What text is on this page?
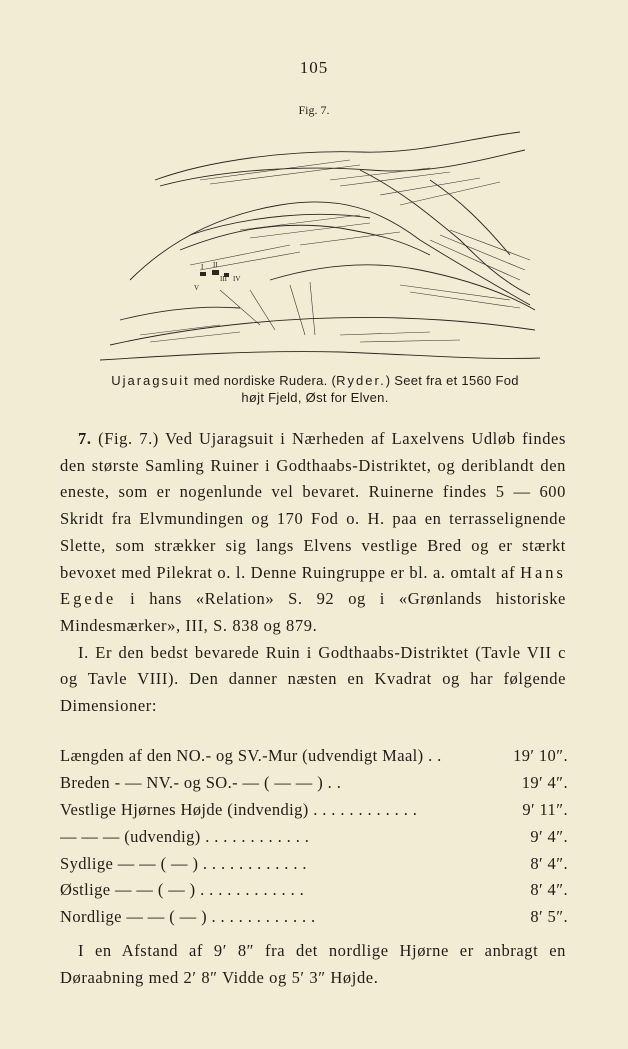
105
Fig. 7.
I II
III IV
V
Ujaragsuit med nordiske Rudera. (Ryder.) Seet fra et 1560 Fod
højt Fjeld, Øst for Elven.

7. (Fig. 7.) Ved Ujaragsuit i Nærheden af Laxelvens Udløb findes den største Samling Ruiner i Godthaabs-Distriktet, og deriblandt den eneste, som er nogenlunde vel bevaret. Ruinerne findes 5 — 600 Skridt fra Elvmundingen og 170 Fod o. H. paa en terrasselignende Slette, som strækker sig langs Elvens vestlige Bred og er stærkt bevoxet med Pilekrat o. l. Denne Ruingruppe er bl. a. omtalt af Hans Egede i hans «Relation» S. 92 og i «Grønlands historiske Mindesmærker», III, S. 838 og 879.

I. Er den bedst bevarede Ruin i Godthaabs-Distriktet (Tavle VII c og Tavle VIII). Den danner næsten en Kvadrat og har følgende Dimensioner:

Længden af den NO.- og SV.-Mur (udvendigt Maal) . .	19′ 10″.
Breden - — NV.- og SO.- — ( — — ) . .	19′ 4″.
Vestlige Hjørnes Højde (indvendig) . . . . . . . . . . . .	9′ 11″.
— — — (udvendig) . . . . . . . . . . . .	9′ 4″.
Sydlige — — ( — ) . . . . . . . . . . . .	8′ 4″.
Østlige — — ( — ) . . . . . . . . . . . .	8′ 4″.
Nordlige — — ( — ) . . . . . . . . . . . .	8′ 5″.

I en Afstand af 9′ 8″ fra det nordlige Hjørne er anbragt en Døraabning med 2′ 8″ Vidde og 5′ 3″ Højde.
